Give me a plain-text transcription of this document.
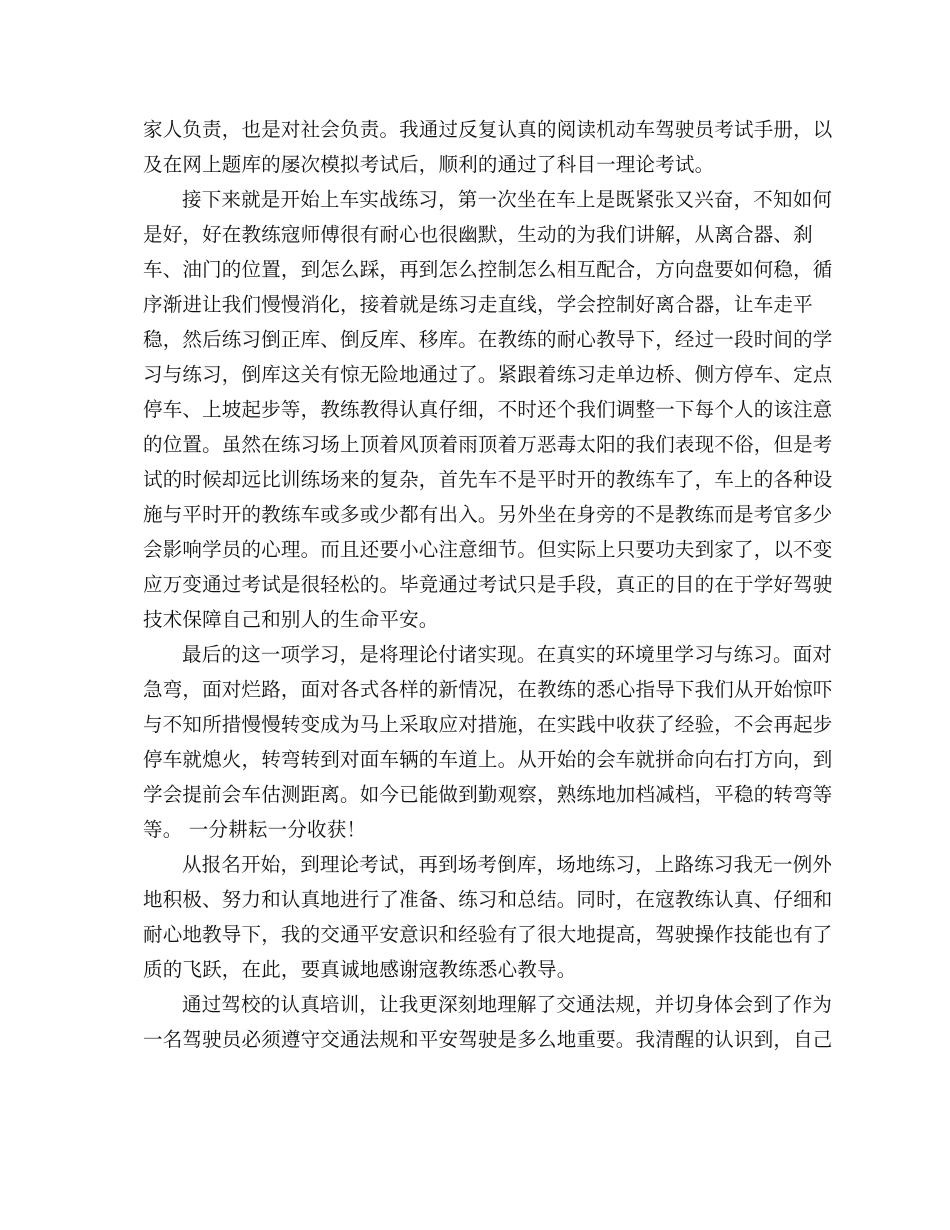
家人负责，也是对社会负责。我通过反复认真的阅读机动车驾驶员考试手册，以
及在网上题库的屡次模拟考试后，顺利的通过了科目一理论考试。
接下来就是开始上车实战练习，第一次坐在车上是既紧张又兴奋，不知如何
是好，好在教练寇师傅很有耐心也很幽默，生动的为我们讲解，从离合器、刹
车、油门的位置，到怎么踩，再到怎么控制怎么相互配合，方向盘要如何稳，循
序渐进让我们慢慢消化，接着就是练习走直线，学会控制好离合器，让车走平
稳，然后练习倒正库、倒反库、移库。在教练的耐心教导下，经过一段时间的学
习与练习，倒库这关有惊无险地通过了。紧跟着练习走单边桥、侧方停车、定点
停车、上坡起步等，教练教得认真仔细，不时还个我们调整一下每个人的该注意
的位置。虽然在练习场上顶着风顶着雨顶着万恶毒太阳的我们表现不俗，但是考
试的时候却远比训练场来的复杂，首先车不是平时开的教练车了，车上的各种设
施与平时开的教练车或多或少都有出入。另外坐在身旁的不是教练而是考官多少
会影响学员的心理。而且还要小心注意细节。但实际上只要功夫到家了，以不变
应万变通过考试是很轻松的。毕竟通过考试只是手段，真正的目的在于学好驾驶
技术保障自己和别人的生命平安。
最后的这一项学习，是将理论付诸实现。在真实的环境里学习与练习。面对
急弯，面对烂路，面对各式各样的新情况，在教练的悉心指导下我们从开始惊吓
与不知所措慢慢转变成为马上采取应对措施，在实践中收获了经验，不会再起步
停车就熄火，转弯转到对面车辆的车道上。从开始的会车就拼命向右打方向，到
学会提前会车估测距离。如今已能做到勤观察，熟练地加档减档，平稳的转弯等
等。 一分耕耘一分收获！
从报名开始，到理论考试，再到场考倒库，场地练习，上路练习我无一例外
地积极、努力和认真地进行了准备、练习和总结。同时，在寇教练认真、仔细和
耐心地教导下，我的交通平安意识和经验有了很大地提高，驾驶操作技能也有了
质的飞跃，在此，要真诚地感谢寇教练悉心教导。
通过驾校的认真培训，让我更深刻地理解了交通法规，并切身体会到了作为
一名驾驶员必须遵守交通法规和平安驾驶是多么地重要。我清醒的认识到，自己
